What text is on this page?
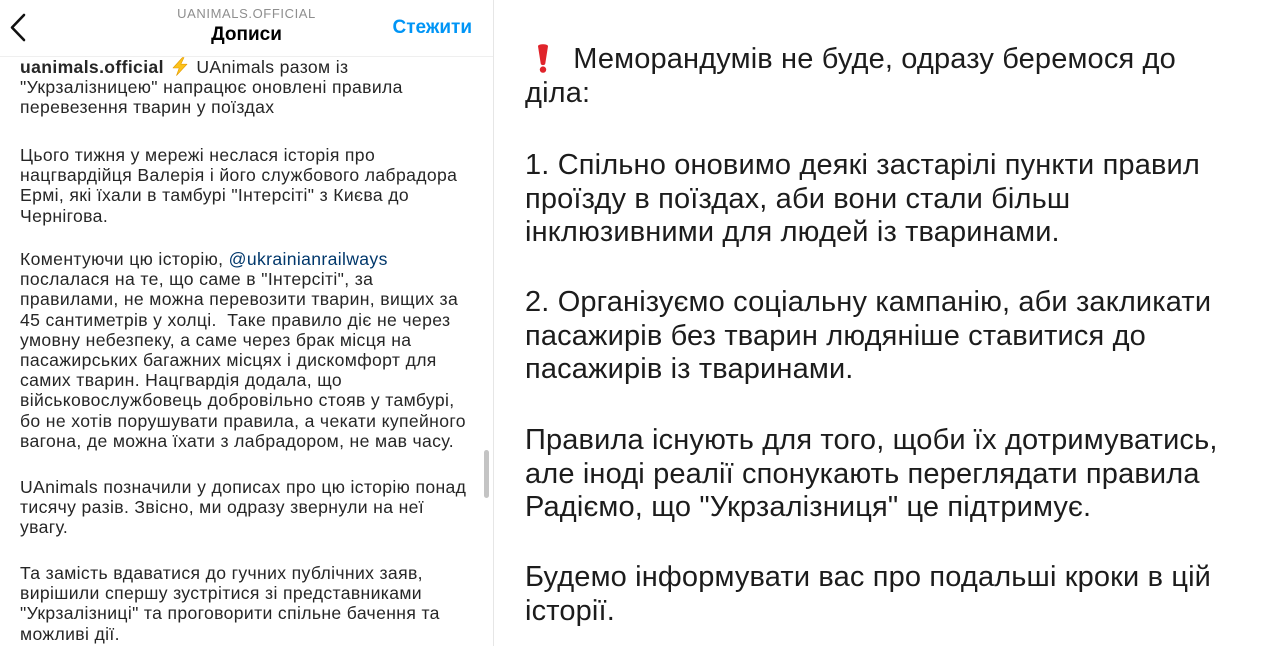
UANIMALS.OFFICIAL
Дописи	Стежити
uanimals.official UAnimals разом із
"Укрзалізницею" напрацює оновлені правила
перевезення тварин у поїздах
Цього тижня у мережі неслася історія про
нацгвардійця Валерія і його службового лабрадора
Ермі, які їхали в тамбурі "Інтерсіті" з Києва до
Чернігова.
Коментуючи цю історію, @ukrainianrailways
послалася на те, що саме в "Інтерсіті", за
правилами, не можна перевозити тварин, вищих за
45 сантиметрів у холці.  Таке правило діє не через
умовну небезпеку, а саме через брак місця на
пасажирських багажних місцях і дискомфорт для
самих тварин. Нацгвардія додала, що
військовослужбовець добровільно стояв у тамбурі,
бо не хотів порушувати правила, а чекати купейного
вагона, де можна їхати з лабрадором, не мав часу.
UAnimals позначили у дописах про цю історію понад
тисячу разів. Звісно, ми одразу звернули на неї
увагу.
Та замість вдаватися до гучних публічних заяв,
вирішили спершу зустрітися зі представниками
"Укрзалізниці" та проговорити спільне бачення та
можливі дії.
Меморандумів не буде, одразу беремося до
діла:
1. Спільно оновимо деякі застарілі пункти правил
проїзду в поїздах, аби вони стали більш
інклюзивними для людей із тваринами.
2. Організуємо соціальну кампанію, аби закликати
пасажирів без тварин людяніше ставитися до
пасажирів із тваринами.
Правила існують для того, щоби їх дотримуватись,
але іноді реалії спонукають переглядати правила
Радіємо, що "Укрзалізниця" це підтримує.
Будемо інформувати вас про подальші кроки в цій
історії.
